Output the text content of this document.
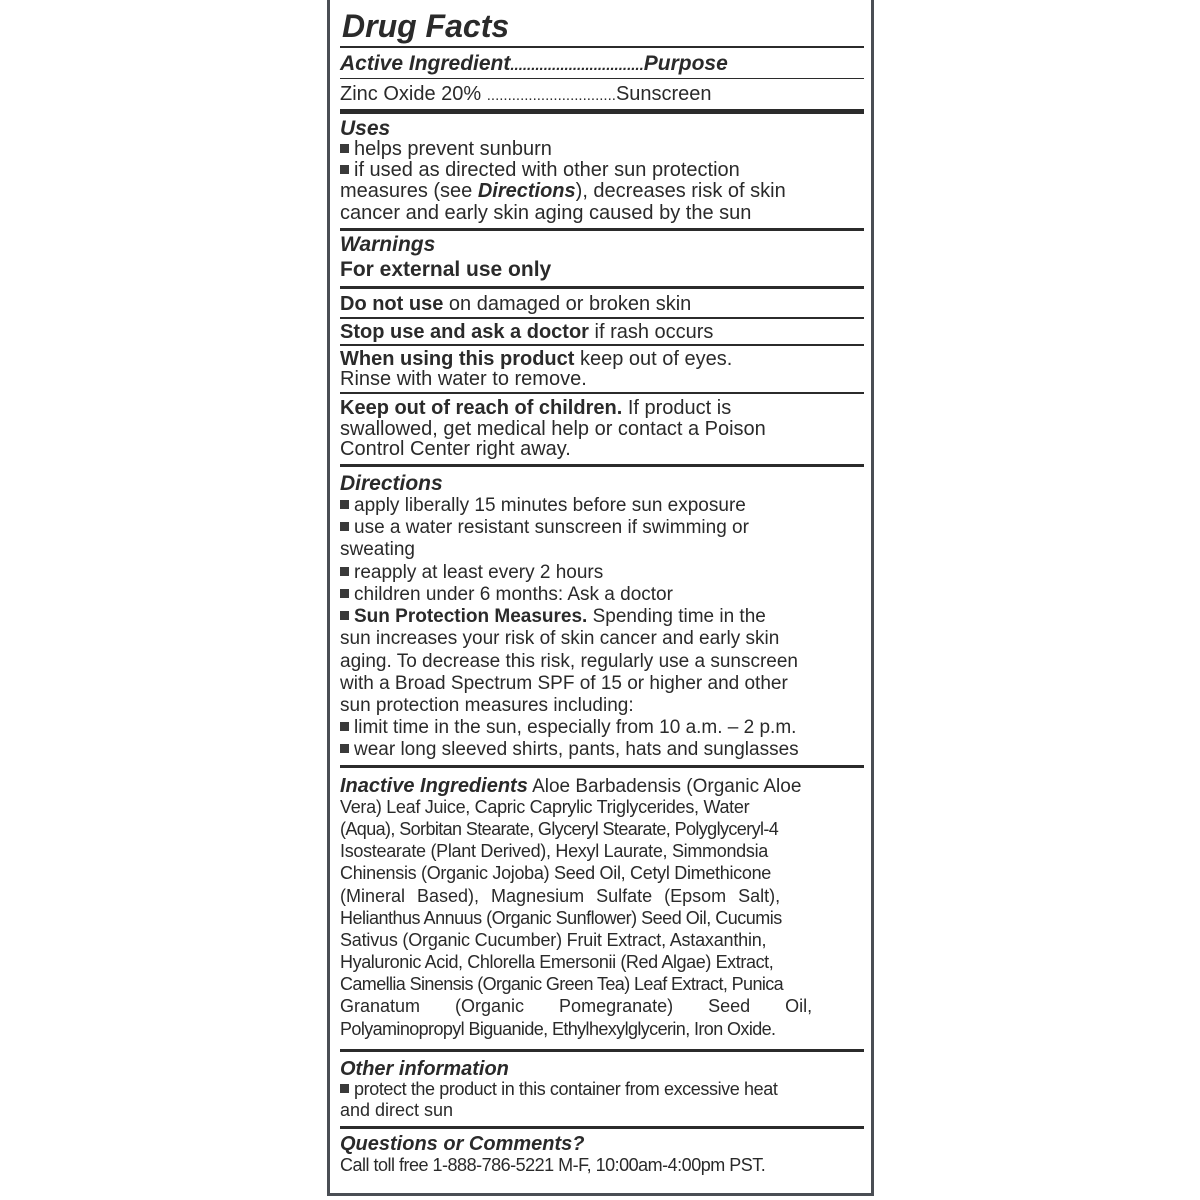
Drug Facts
Active Ingredient................................Purpose
Zinc Oxide 20% ...............................Sunscreen
Uses
helps prevent sunburn
if used as directed with other sun protection
measures (see Directions), decreases risk of skin
cancer and early skin aging caused by the sun
Warnings
For external use only
Do not use on damaged or broken skin
Stop use and ask a doctor if rash occurs
When using this product keep out of eyes.
Rinse with water to remove.
Keep out of reach of children. If product is
swallowed, get medical help or contact a Poison
Control Center right away.
Directions
apply liberally 15 minutes before sun exposure
use a water resistant sunscreen if swimming or
sweating
reapply at least every 2 hours
children under 6 months: Ask a doctor
Sun Protection Measures. Spending time in the
sun increases your risk of skin cancer and early skin
aging. To decrease this risk, regularly use a sunscreen
with a Broad Spectrum SPF of 15 or higher and other
sun protection measures including:
limit time in the sun, especially from 10 a.m. – 2 p.m.
wear long sleeved shirts, pants, hats and sunglasses
Inactive Ingredients Aloe Barbadensis (Organic Aloe
Vera) Leaf Juice, Capric Caprylic Triglycerides, Water
(Aqua), Sorbitan Stearate, Glyceryl Stearate, Polyglyceryl-4
Isostearate (Plant Derived), Hexyl Laurate, Simmondsia
Chinensis (Organic Jojoba) Seed Oil, Cetyl Dimethicone
(Mineral Based), Magnesium Sulfate (Epsom Salt),
Helianthus Annuus (Organic Sunflower) Seed Oil, Cucumis
Sativus (Organic Cucumber) Fruit Extract, Astaxanthin,
Hyaluronic Acid, Chlorella Emersonii (Red Algae) Extract,
Camellia Sinensis (Organic Green Tea) Leaf Extract, Punica
Granatum (Organic Pomegranate) Seed Oil,
Polyaminopropyl Biguanide, Ethylhexylglycerin, Iron Oxide.
Other information
protect the product in this container from excessive heat
and direct sun
Questions or Comments?
Call toll free 1-888-786-5221 M-F, 10:00am-4:00pm PST.
